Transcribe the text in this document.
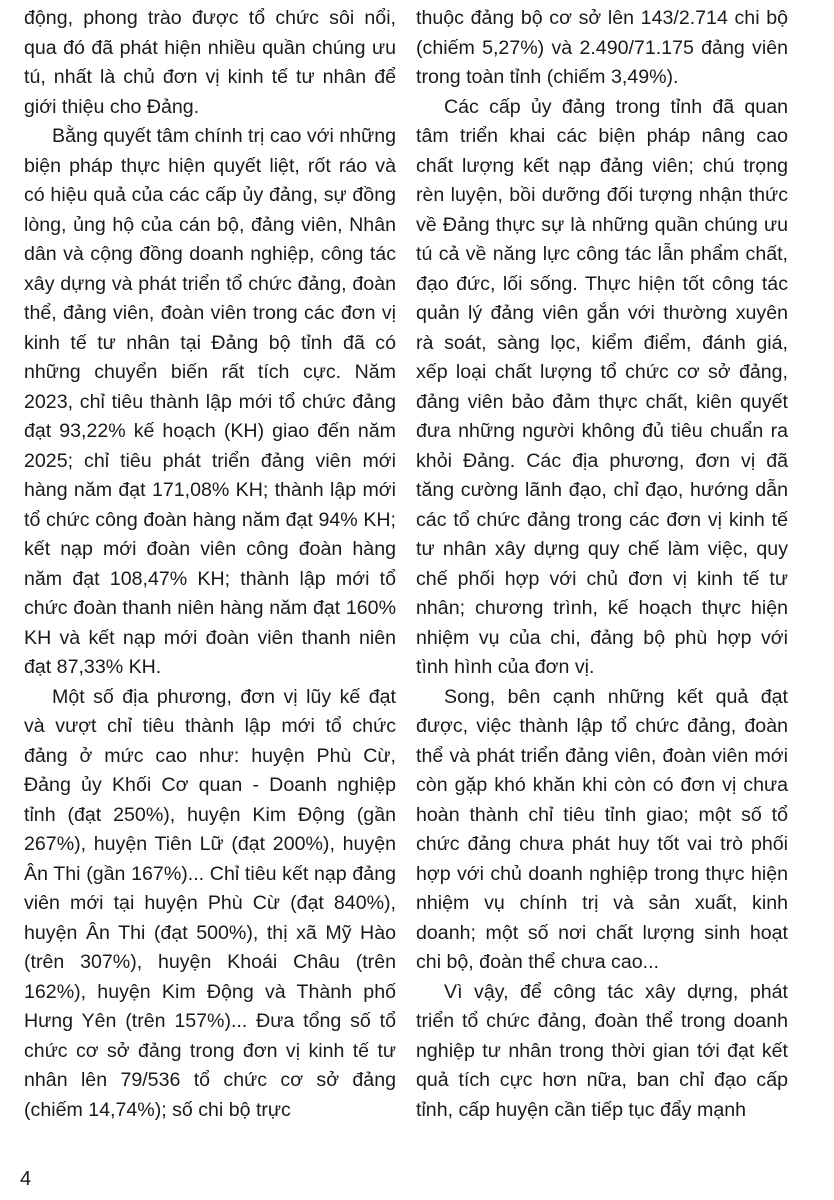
động, phong trào được tổ chức sôi nổi, qua đó đã phát hiện nhiều quần chúng ưu tú, nhất là chủ đơn vị kinh tế tư nhân để giới thiệu cho Đảng.

Bằng quyết tâm chính trị cao với những biện pháp thực hiện quyết liệt, rốt ráo và có hiệu quả của các cấp ủy đảng, sự đồng lòng, ủng hộ của cán bộ, đảng viên, Nhân dân và cộng đồng doanh nghiệp, công tác xây dựng và phát triển tổ chức đảng, đoàn thể, đảng viên, đoàn viên trong các đơn vị kinh tế tư nhân tại Đảng bộ tỉnh đã có những chuyển biến rất tích cực. Năm 2023, chỉ tiêu thành lập mới tổ chức đảng đạt 93,22% kế hoạch (KH) giao đến năm 2025; chỉ tiêu phát triển đảng viên mới hàng năm đạt 171,08% KH; thành lập mới tổ chức công đoàn hàng năm đạt 94% KH; kết nạp mới đoàn viên công đoàn hàng năm đạt 108,47% KH; thành lập mới tổ chức đoàn thanh niên hàng năm đạt 160% KH và kết nạp mới đoàn viên thanh niên đạt 87,33% KH.

Một số địa phương, đơn vị lũy kế đạt và vượt chỉ tiêu thành lập mới tổ chức đảng ở mức cao như: huyện Phù Cừ, Đảng ủy Khối Cơ quan - Doanh nghiệp tỉnh (đạt 250%), huyện Kim Động (gần 267%), huyện Tiên Lữ (đạt 200%), huyện Ân Thi (gần 167%)... Chỉ tiêu kết nạp đảng viên mới tại huyện Phù Cừ (đạt 840%), huyện Ân Thi (đạt 500%), thị xã Mỹ Hào (trên 307%), huyện Khoái Châu (trên 162%), huyện Kim Động và Thành phố Hưng Yên (trên 157%)... Đưa tổng số tổ chức cơ sở đảng trong đơn vị kinh tế tư nhân lên 79/536 tổ chức cơ sở đảng (chiếm 14,74%); số chi bộ trực

thuộc đảng bộ cơ sở lên 143/2.714 chi bộ (chiếm 5,27%) và 2.490/71.175 đảng viên trong toàn tỉnh (chiếm 3,49%).

Các cấp ủy đảng trong tỉnh đã quan tâm triển khai các biện pháp nâng cao chất lượng kết nạp đảng viên; chú trọng rèn luyện, bồi dưỡng đối tượng nhận thức về Đảng thực sự là những quần chúng ưu tú cả về năng lực công tác lẫn phẩm chất, đạo đức, lối sống. Thực hiện tốt công tác quản lý đảng viên gắn với thường xuyên rà soát, sàng lọc, kiểm điểm, đánh giá, xếp loại chất lượng tổ chức cơ sở đảng, đảng viên bảo đảm thực chất, kiên quyết đưa những người không đủ tiêu chuẩn ra khỏi Đảng. Các địa phương, đơn vị đã tăng cường lãnh đạo, chỉ đạo, hướng dẫn các tổ chức đảng trong các đơn vị kinh tế tư nhân xây dựng quy chế làm việc, quy chế phối hợp với chủ đơn vị kinh tế tư nhân; chương trình, kế hoạch thực hiện nhiệm vụ của chi, đảng bộ phù hợp với tình hình của đơn vị.

Song, bên cạnh những kết quả đạt được, việc thành lập tổ chức đảng, đoàn thể và phát triển đảng viên, đoàn viên mới còn gặp khó khăn khi còn có đơn vị chưa hoàn thành chỉ tiêu tỉnh giao; một số tổ chức đảng chưa phát huy tốt vai trò phối hợp với chủ doanh nghiệp trong thực hiện nhiệm vụ chính trị và sản xuất, kinh doanh; một số nơi chất lượng sinh hoạt chi bộ, đoàn thể chưa cao...

Vì vậy, để công tác xây dựng, phát triển tổ chức đảng, đoàn thể trong doanh nghiệp tư nhân trong thời gian tới đạt kết quả tích cực hơn nữa, ban chỉ đạo cấp tỉnh, cấp huyện cần tiếp tục đẩy mạnh

4
